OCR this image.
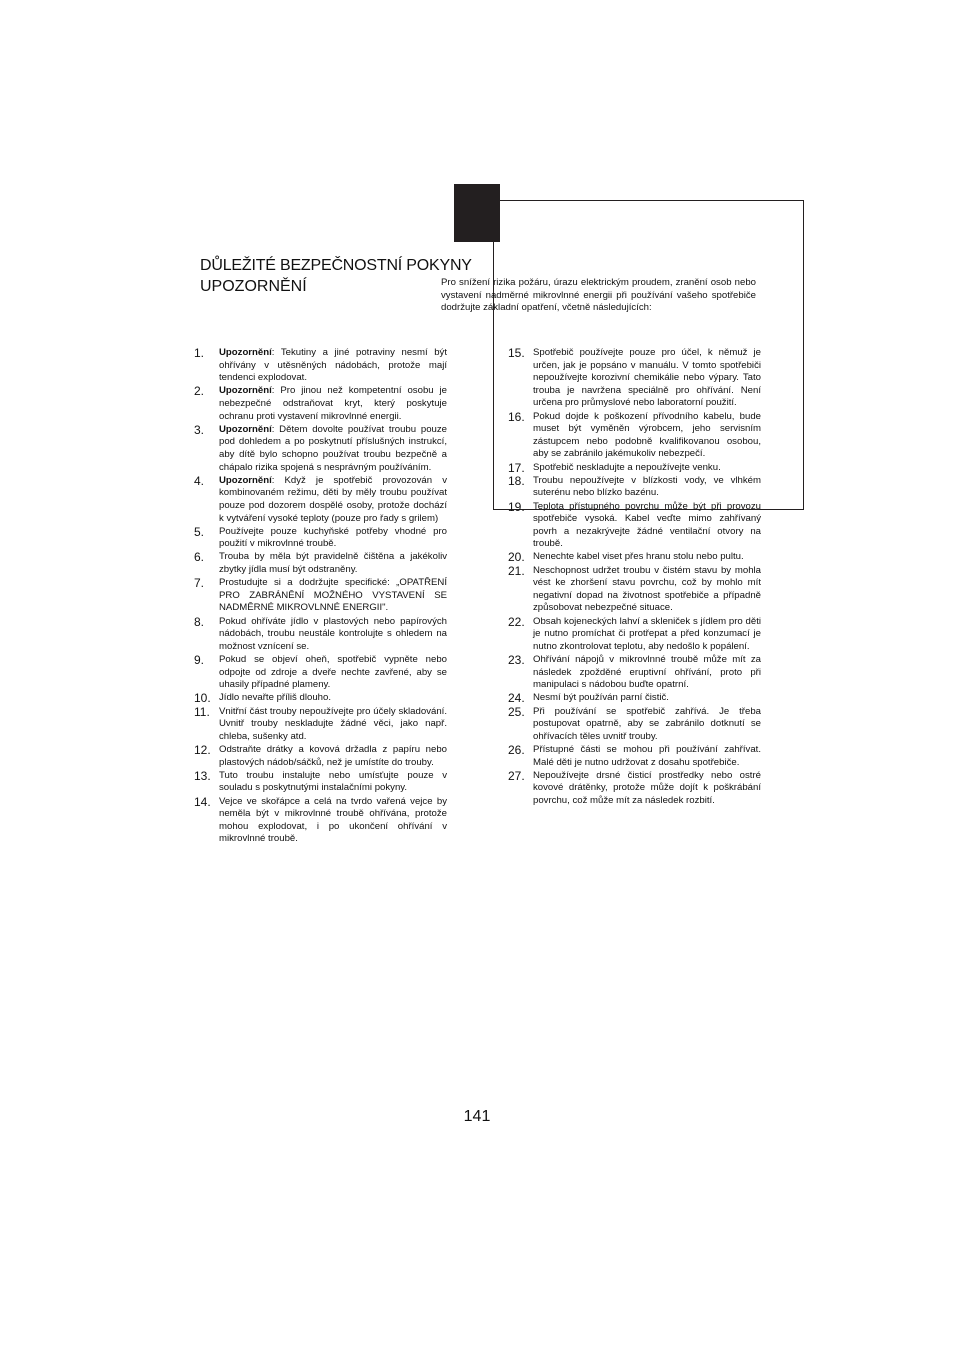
DŮLEŽITÉ BEZPEČNOSTNÍ POKYNY
UPOZORNĚNÍ	Pro snížení rizika požáru, úrazu elektrickým proudem, zranění osob nebo vystavení nadměrné mikrovlnné energii při používání vašeho spotřebiče dodržujte základní opatření, včetně následujících:

1. Upozornění: Tekutiny a jiné potraviny nesmí být ohřívány v utěsněných nádobách, protože mají tendenci explodovat.
2. Upozornění: Pro jinou než kompetentní osobu je nebezpečné odstraňovat kryt, který poskytuje ochranu proti vystavení mikrovlnné energii.
3. Upozornění: Dětem dovolte používat troubu pouze pod dohledem a po poskytnutí příslušných instrukcí, aby dítě bylo schopno používat troubu bezpečně a chápalo rizika spojená s nesprávným používáním.
4. Upozornění: Když je spotřebič provozován v kombinovaném režimu, děti by měly troubu používat pouze pod dozorem dospělé osoby, protože dochází k vytváření vysoké teploty (pouze pro řady s grilem)
5. Používejte pouze kuchyňské potřeby vhodné pro použití v mikrovlnné troubě.
6. Trouba by měla být pravidelně čištěna a jakékoliv zbytky jídla musí být odstraněny.
7. Prostudujte si a dodržujte specifické: „OPATŘENÍ PRO ZABRÁNĚNÍ MOŽNÉHO VYSTAVENÍ SE NADMĚRNÉ MIKROVLNNÉ ENERGII".
8. Pokud ohříváte jídlo v plastových nebo papírových nádobách, troubu neustále kontrolujte s ohledem na možnost vznícení se.
9. Pokud se objeví oheň, spotřebič vypněte nebo odpojte od zdroje a dveře nechte zavřené, aby se uhasily případné plameny.
10. Jídlo nevařte příliš dlouho.
11. Vnitřní část trouby nepoužívejte pro účely skladování. Uvnitř trouby neskladujte žádné věci, jako např. chleba, sušenky atd.
12. Odstraňte drátky a kovová držadla z papíru nebo plastových nádob/sáčků, než je umístíte do trouby.
13. Tuto troubu instalujte nebo umísťujte pouze v souladu s poskytnutými instalačními pokyny.
14. Vejce ve skořápce a celá na tvrdo vařená vejce by neměla být v mikrovlnné troubě ohřívána, protože mohou explodovat, i po ukončení ohřívání v mikrovlnné troubě.
15. Spotřebič používejte pouze pro účel, k němuž je určen, jak je popsáno v manuálu. V tomto spotřebiči nepoužívejte korozivní chemikálie nebo výpary. Tato trouba je navržena speciálně pro ohřívání. Není určena pro průmyslové nebo laboratorní použití.
16. Pokud dojde k poškození přívodního kabelu, bude muset být vyměněn výrobcem, jeho servisním zástupcem nebo podobně kvalifikovanou osobou, aby se zabránilo jakémukoliv nebezpečí.
17. Spotřebič neskladujte a nepoužívejte venku.
18. Troubu nepoužívejte v blízkosti vody, ve vlhkém suterénu nebo blízko bazénu.
19. Teplota přístupného povrchu může být při provozu spotřebiče vysoká. Kabel veďte mimo zahřívaný povrh a nezakrývejte žádné ventilační otvory na troubě.
20. Nenechte kabel viset přes hranu stolu nebo pultu.
21. Neschopnost udržet troubu v čistém stavu by mohla vést ke zhoršení stavu povrchu, což by mohlo mít negativní dopad na životnost spotřebiče a případně způsobovat nebezpečné situace.
22. Obsah kojeneckých lahví a skleniček s jídlem pro děti je nutno promíchat či protřepat a před konzumací je nutno zkontrolovat teplotu, aby nedošlo k popálení.
23. Ohřívání nápojů v mikrovlnné troubě může mít za následek zpožděné eruptivní ohřívání, proto při manipulaci s nádobou buďte opatrní.
24. Nesmí být používán parní čistič.
25. Při používání se spotřebič zahřívá. Je třeba postupovat opatrně, aby se zabránilo dotknutí se ohřívacích těles uvnitř trouby.
26. Přístupné části se mohou při používání zahřívat. Malé děti je nutno udržovat z dosahu spotřebiče.
27. Nepoužívejte drsné čisticí prostředky nebo ostré kovové drátěnky, protože může dojít k poškrábání povrchu, což může mít za následek rozbití.
141
